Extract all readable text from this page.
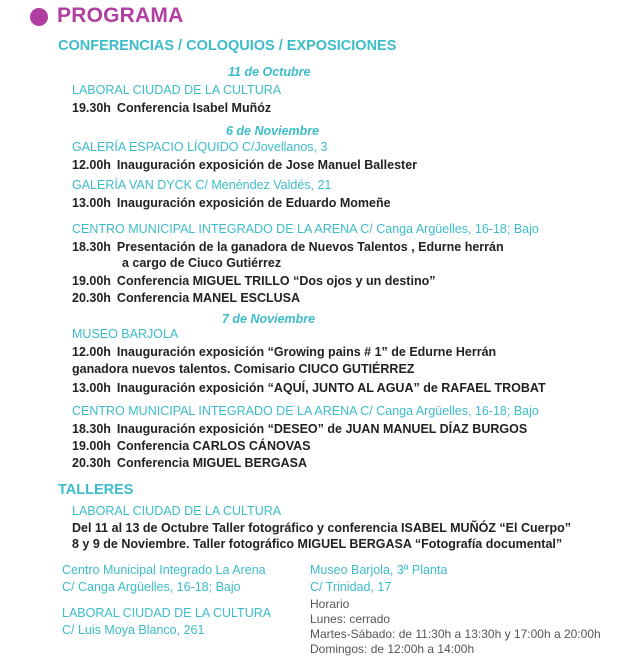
PROGRAMA
CONFERENCIAS / COLOQUIOS / EXPOSICIONES
11 de Octubre
LABORAL CIUDAD DE LA CULTURA
19.30h Conferencia Isabel Muñóz
6 de Noviembre
GALERÍA ESPACIO LÍQUIDO C/Jovellanos, 3
12.00h Inauguración exposición de Jose Manuel Ballester
GALERÍA VAN DYCK C/ Menéndez Valdés, 21
13.00h Inauguración exposición de Eduardo Momeñe
CENTRO MUNICIPAL INTEGRADO DE LA ARENA C/ Canga Argüelles, 16-18; Bajo
18.30h Presentación de la ganadora de Nuevos Talentos , Edurne herrán
a cargo de Ciuco Gutiérrez
19.00h Conferencia MIGUEL TRILLO “Dos ojos y un destino”
20.30h Conferencia MANEL ESCLUSA
7 de Noviembre
MUSEO BARJOLA
12.00h Inauguración exposición “Growing pains # 1” de Edurne Herrán
ganadora nuevos talentos. Comisario CIUCO GUTIÉRREZ
13.00h Inauguración exposición “AQUÍ, JUNTO AL AGUA” de RAFAEL TROBAT
CENTRO MUNICIPAL INTEGRADO DE LA ARENA C/ Canga Argüelles, 16-18; Bajo
18.30h Inauguración exposición “DESEO” de JUAN MANUEL DÍAZ BURGOS
19.00h Conferencia CARLOS CÁNOVAS
20.30h Conferencia MIGUEL BERGASA
TALLERES
LABORAL CIUDAD DE LA CULTURA
Del 11 al 13 de Octubre Taller fotográfico y conferencia ISABEL MUÑÓZ “El Cuerpo”
8 y 9 de Noviembre. Taller fotográfico MIGUEL BERGASA “Fotografía documental”
Centro Municipal Integrado La Arena
C/ Canga Argüelles, 16-18; Bajo
LABORAL CIUDAD DE LA CULTURA
C/ Luis Moya Blanco, 261
Museo Barjola, 3ª Planta
C/ Trinidad, 17
Horario
Lunes: cerrado
Martes-Sábado: de 11:30h a 13:30h y 17:00h a 20:00h
Domingos: de 12:00h a 14:00h
